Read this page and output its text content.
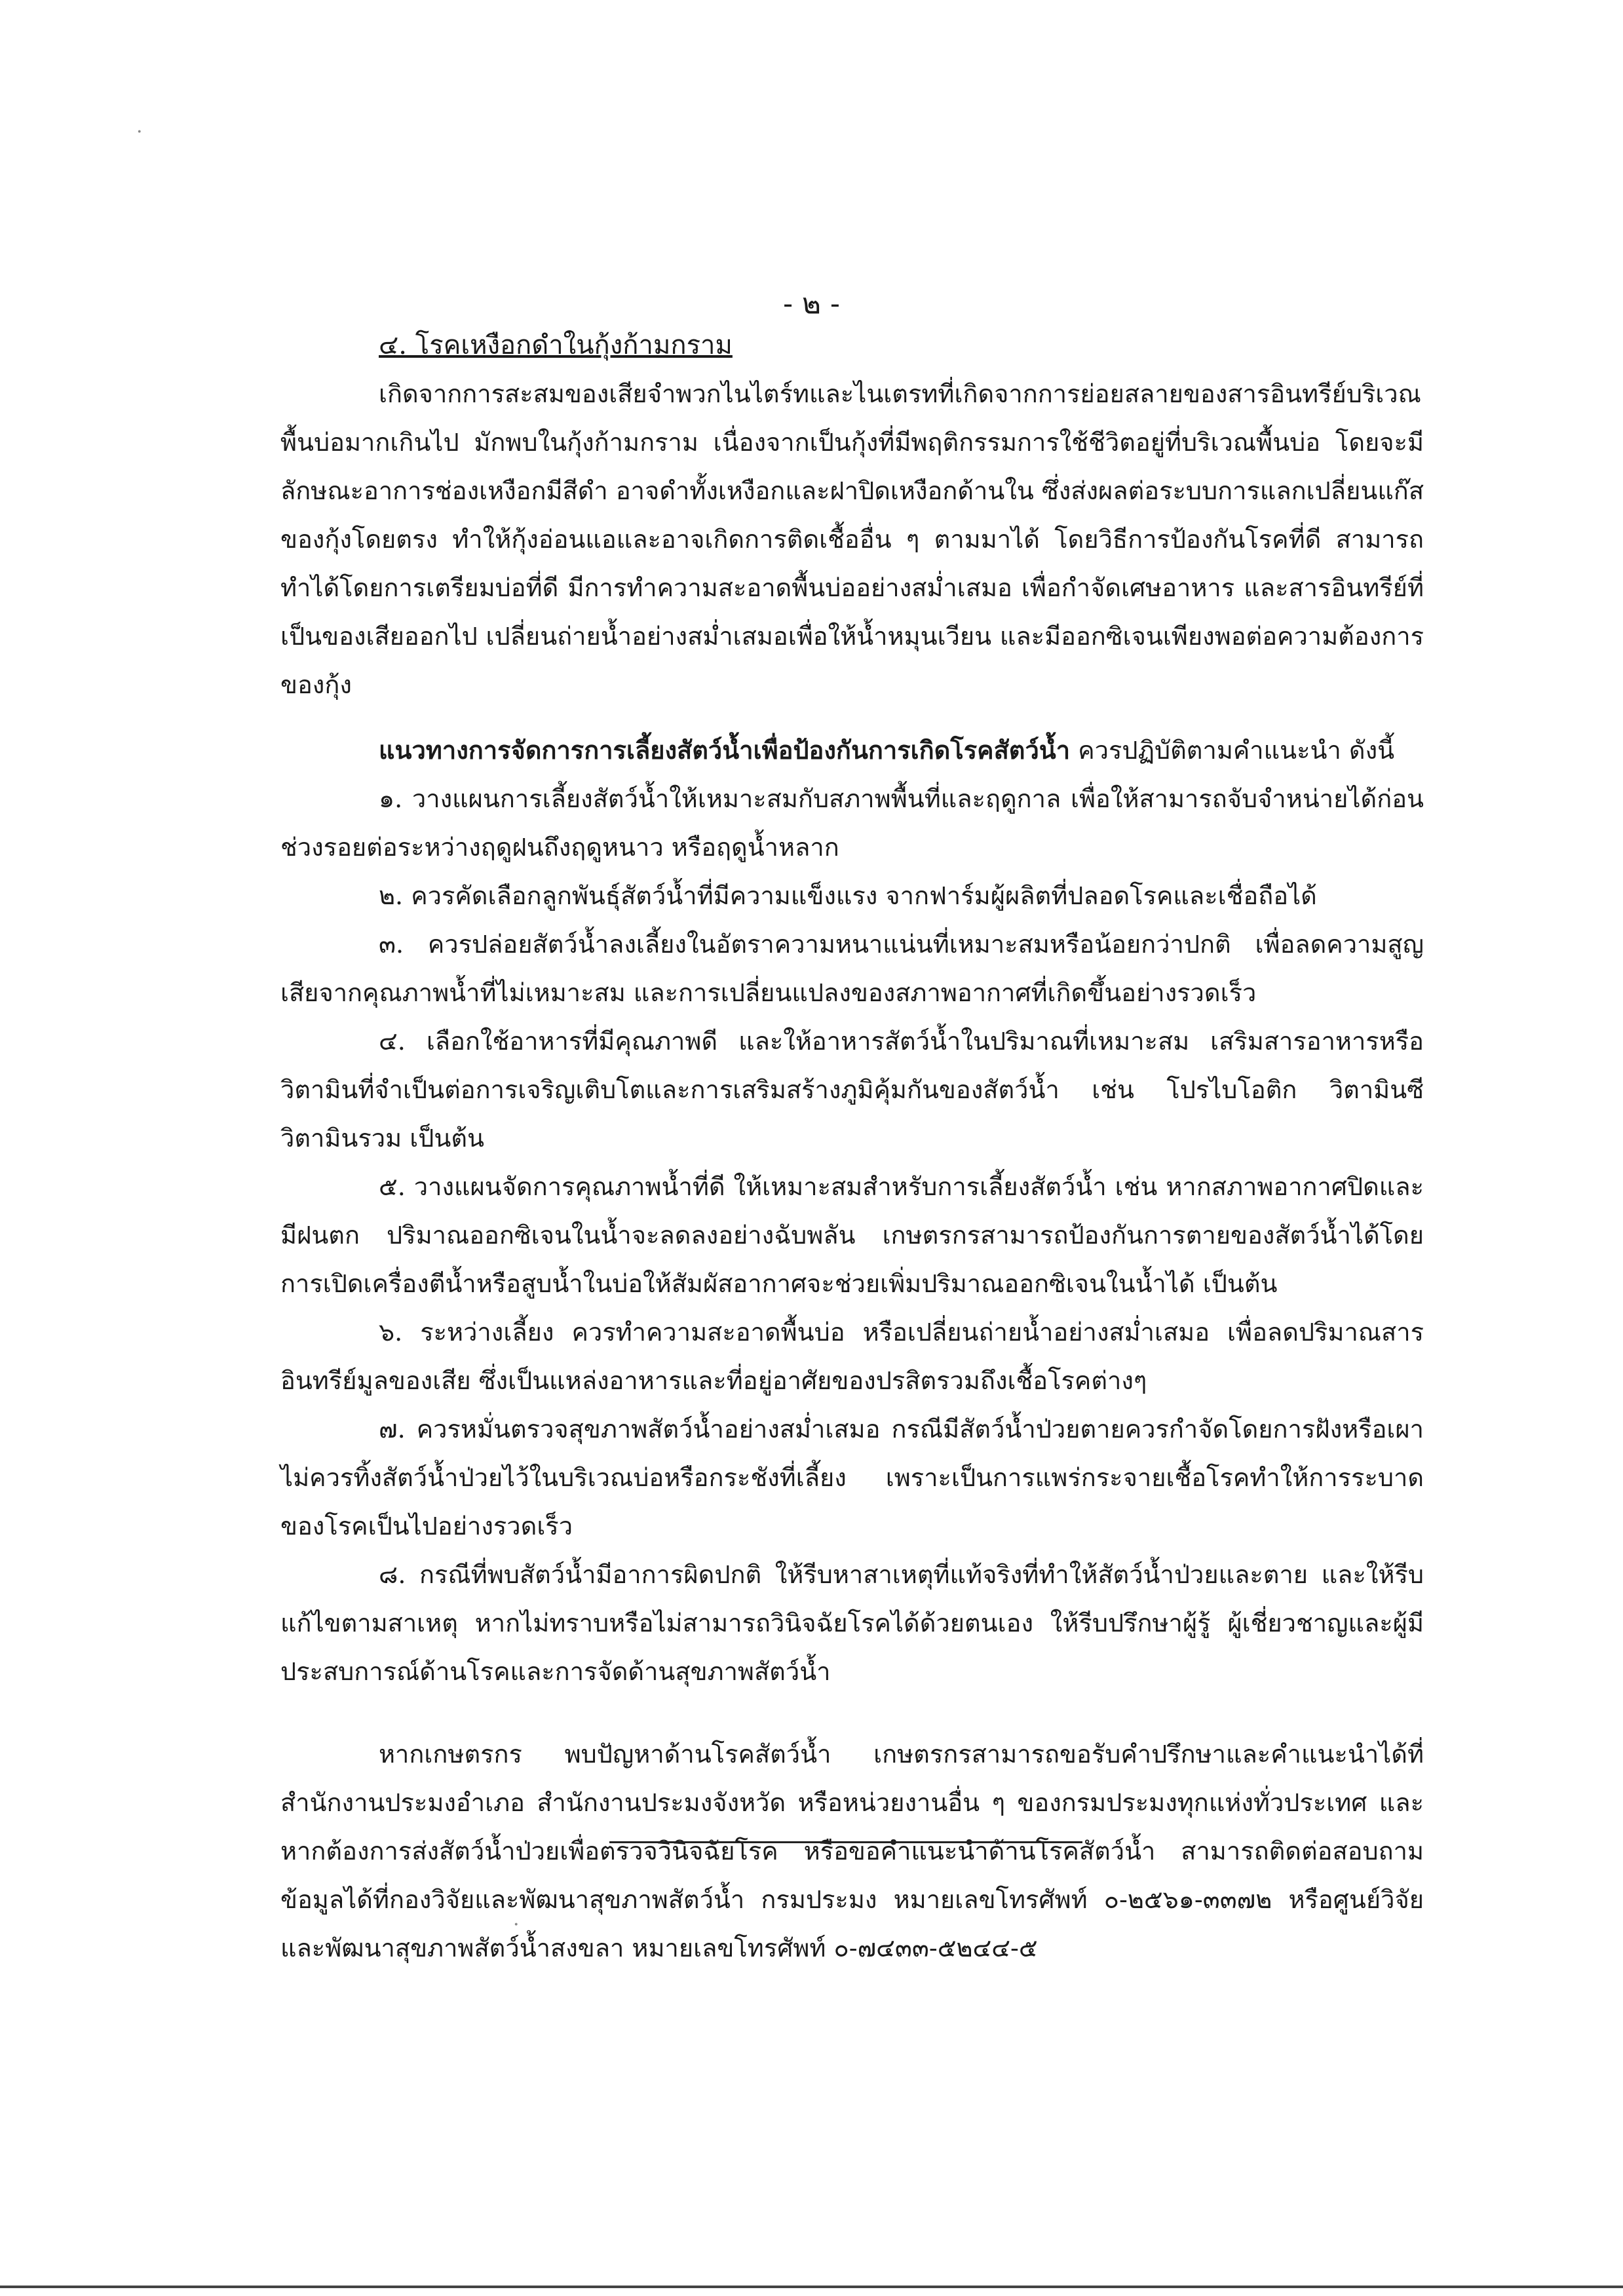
·
- ๒ -

๔. โรคเหงือกดำในกุ้งก้ามกราม

เกิดจากการสะสมของเสียจำพวกไนไตร์ทและไนเตรทที่เกิดจากการย่อยสลายของสารอินทรีย์บริเวณพื้นบ่อมากเกินไป มักพบในกุ้งก้ามกราม เนื่องจากเป็นกุ้งที่มีพฤติกรรมการใช้ชีวิตอยู่ที่บริเวณพื้นบ่อ โดยจะมีลักษณะอาการช่องเหงือกมีสีดำ อาจดำทั้งเหงือกและฝาปิดเหงือกด้านใน ซึ่งส่งผลต่อระบบการแลกเปลี่ยนแก๊สของกุ้งโดยตรง ทำให้กุ้งอ่อนแอและอาจเกิดการติดเชื้ออื่น ๆ ตามมาได้ โดยวิธีการป้องกันโรคที่ดี สามารถทำได้โดยการเตรียมบ่อที่ดี มีการทำความสะอาดพื้นบ่ออย่างสม่ำเสมอ เพื่อกำจัดเศษอาหาร และสารอินทรีย์ที่เป็นของเสียออกไป เปลี่ยนถ่ายน้ำอย่างสม่ำเสมอเพื่อให้น้ำหมุนเวียน และมีออกซิเจนเพียงพอต่อความต้องการของกุ้ง

แนวทางการจัดการการเลี้ยงสัตว์น้ำเพื่อป้องกันการเกิดโรคสัตว์น้ำ ควรปฏิบัติตามคำแนะนำ ดังนี้

๑. วางแผนการเลี้ยงสัตว์น้ำให้เหมาะสมกับสภาพพื้นที่และฤดูกาล เพื่อให้สามารถจับจำหน่ายได้ก่อนช่วงรอยต่อระหว่างฤดูฝนถึงฤดูหนาว หรือฤดูน้ำหลาก

๒. ควรคัดเลือกลูกพันธุ์สัตว์น้ำที่มีความแข็งแรง จากฟาร์มผู้ผลิตที่ปลอดโรคและเชื่อถือได้

๓. ควรปล่อยสัตว์น้ำลงเลี้ยงในอัตราความหนาแน่นที่เหมาะสมหรือน้อยกว่าปกติ เพื่อลดความสูญเสียจากคุณภาพน้ำที่ไม่เหมาะสม และการเปลี่ยนแปลงของสภาพอากาศที่เกิดขึ้นอย่างรวดเร็ว

๔. เลือกใช้อาหารที่มีคุณภาพดี และให้อาหารสัตว์น้ำในปริมาณที่เหมาะสม เสริมสารอาหารหรือวิตามินที่จำเป็นต่อการเจริญเติบโตและการเสริมสร้างภูมิคุ้มกันของสัตว์น้ำ เช่น โปรไบโอติก วิตามินซี วิตามินรวม เป็นต้น

๕. วางแผนจัดการคุณภาพน้ำที่ดี ให้เหมาะสมสำหรับการเลี้ยงสัตว์น้ำ เช่น หากสภาพอากาศปิดและมีฝนตก ปริมาณออกซิเจนในน้ำจะลดลงอย่างฉับพลัน เกษตรกรสามารถป้องกันการตายของสัตว์น้ำได้โดยการเปิดเครื่องตีน้ำหรือสูบน้ำในบ่อให้สัมผัสอากาศจะช่วยเพิ่มปริมาณออกซิเจนในน้ำได้ เป็นต้น

๖. ระหว่างเลี้ยง ควรทำความสะอาดพื้นบ่อ หรือเปลี่ยนถ่ายน้ำอย่างสม่ำเสมอ เพื่อลดปริมาณสารอินทรีย์มูลของเสีย ซึ่งเป็นแหล่งอาหารและที่อยู่อาศัยของปรสิตรวมถึงเชื้อโรคต่างๆ

๗. ควรหมั่นตรวจสุขภาพสัตว์น้ำอย่างสม่ำเสมอ กรณีมีสัตว์น้ำป่วยตายควรกำจัดโดยการฝังหรือเผา ไม่ควรทิ้งสัตว์น้ำป่วยไว้ในบริเวณบ่อหรือกระชังที่เลี้ยง เพราะเป็นการแพร่กระจายเชื้อโรคทำให้การระบาดของโรคเป็นไปอย่างรวดเร็ว

๘. กรณีที่พบสัตว์น้ำมีอาการผิดปกติ ให้รีบหาสาเหตุที่แท้จริงที่ทำให้สัตว์น้ำป่วยและตาย และให้รีบแก้ไขตามสาเหตุ หากไม่ทราบหรือไม่สามารถวินิจฉัยโรคได้ด้วยตนเอง ให้รีบปรึกษาผู้รู้ ผู้เชี่ยวชาญและผู้มีประสบการณ์ด้านโรคและการจัดด้านสุขภาพสัตว์น้ำ

หากเกษตรกร พบปัญหาด้านโรคสัตว์น้ำ เกษตรกรสามารถขอรับคำปรึกษาและคำแนะนำได้ที่สำนักงานประมงอำเภอ สำนักงานประมงจังหวัด หรือหน่วยงานอื่น ๆ ของกรมประมงทุกแห่งทั่วประเทศ และหากต้องการส่งสัตว์น้ำป่วยเพื่อตรวจวินิจฉัยโรค หรือขอคำแนะนำด้านโรคสัตว์น้ำ สามารถติดต่อสอบถามข้อมูลได้ที่กองวิจัยและพัฒนาสุขภาพสัตว์น้ำ กรมประมง หมายเลขโทรศัพท์ ๐-๒๕๖๑-๓๓๗๒ หรือศูนย์วิจัยและพัฒนาสุขภาพสัตว์น้ำสงขลา หมายเลขโทรศัพท์ ๐-๗๔๓๓-๕๒๔๔-๕

·
